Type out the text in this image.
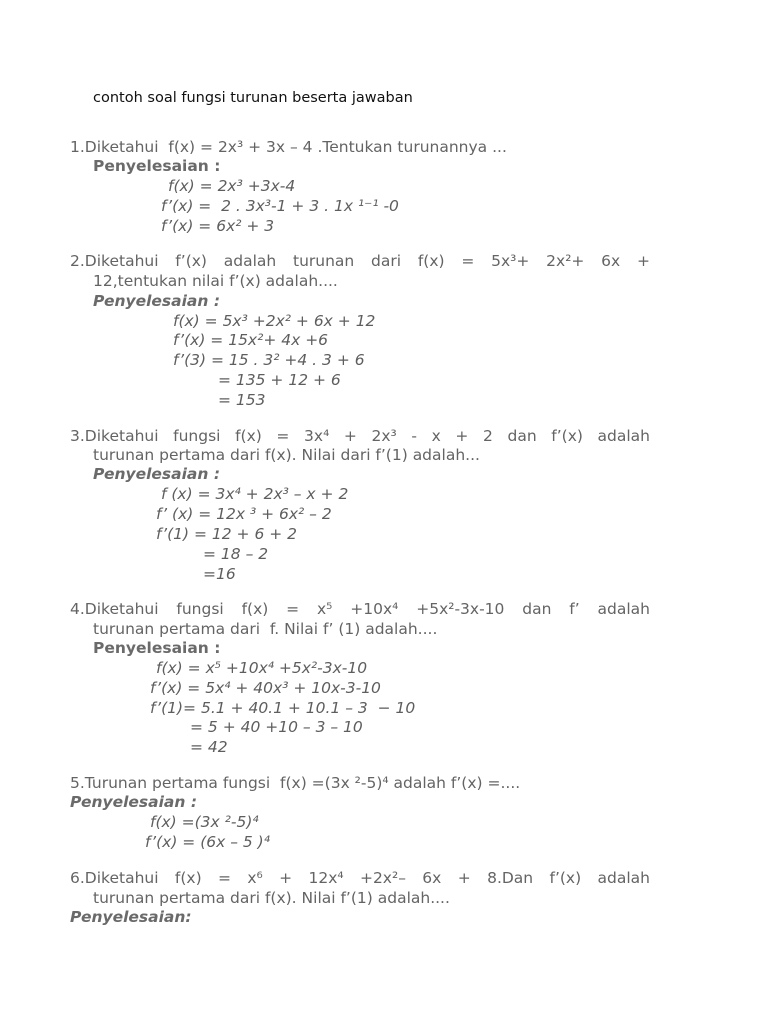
contoh soal fungsi turunan beserta jawaban
1.Diketahui  f(x) = 2x³ + 3x – 4 .Tentukan turunannya ...
Penyelesaian :
f(x) = 2x³ +3x-4
f’(x) =  2 . 3x³-1 + 3 . 1x ¹⁻¹ -0
f’(x) = 6x² + 3
2.Diketahui f’(x) adalah turunan dari f(x) = 5x³+ 2x²+ 6x +
12,tentukan nilai f’(x) adalah....
Penyelesaian :
f(x) = 5x³ +2x² + 6x + 12
f’(x) = 15x²+ 4x +6
f’(3) = 15 . 3² +4 . 3 + 6
= 135 + 12 + 6
= 153
3.Diketahui fungsi f(x) = 3x⁴ + 2x³ - x + 2 dan f’(x) adalah
turunan pertama dari f(x). Nilai dari f’(1) adalah...
Penyelesaian :
f (x) = 3x⁴ + 2x³ – x + 2
f’ (x) = 12x ³ + 6x² – 2
f’(1) = 12 + 6 + 2
= 18 – 2
=16
4.Diketahui fungsi f(x) = x⁵ +10x⁴ +5x²-3x-10 dan f’ adalah
turunan pertama dari  f. Nilai f’ (1) adalah....
Penyelesaian :
f(x) = x⁵ +10x⁴ +5x²-3x-10
f’(x) = 5x⁴ + 40x³ + 10x-3-10
f’(1)= 5.1 + 40.1 + 10.1 – 3  − 10
= 5 + 40 +10 – 3 – 10
= 42
5.Turunan pertama fungsi  f(x) =(3x ²-5)⁴ adalah f’(x) =....
Penyelesaian :
f(x) =(3x ²-5)⁴
f’(x) = (6x – 5 )⁴
6.Diketahui f(x) = x⁶ + 12x⁴ +2x²– 6x + 8.Dan f’(x) adalah
turunan pertama dari f(x). Nilai f’(1) adalah....
Penyelesaian:
